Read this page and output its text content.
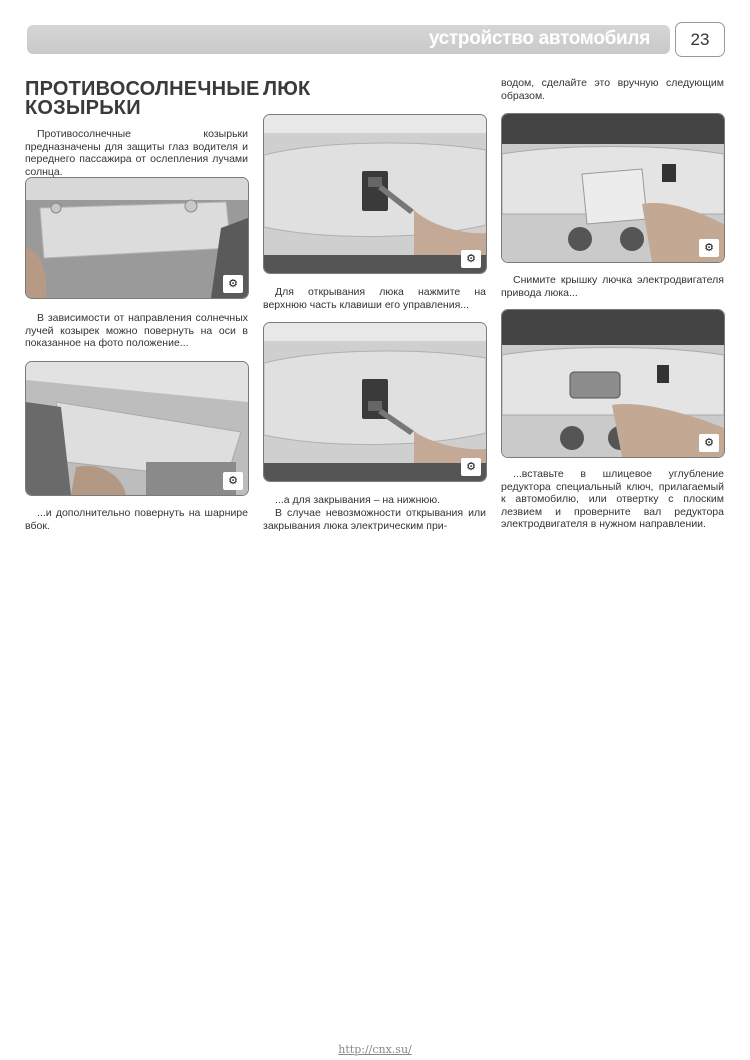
устройство автомобиля	23
ПРОТИВОСОЛНЕЧНЫЕ
КОЗЫРЬКИ
Противосолнечные козырьки предназначены для защиты глаз водителя и переднего пассажира от ослепления лучами солнца.
⚙
В зависимости от направления солнечных лучей козырек можно повернуть на оси в показанное на фото положение...
⚙
...и дополнительно повернуть на шарнире вбок.
ЛЮК
⚙
Для открывания люка нажмите на верхнюю часть клавиши его управления...
⚙
...а для закрывания – на нижнюю.
В случае невозможности открывания или закрывания люка электрическим при-
водом, сделайте это вручную следующим образом.
⚙
Снимите крышку лючка электродвигателя привода люка...
⚙
...вставьте в шлицевое углубление редуктора специальный ключ, прилагаемый к автомобилю, или отвертку с плоским лезвием и проверните вал редуктора электродвигателя в нужном направлении.
http://cnx.su/
